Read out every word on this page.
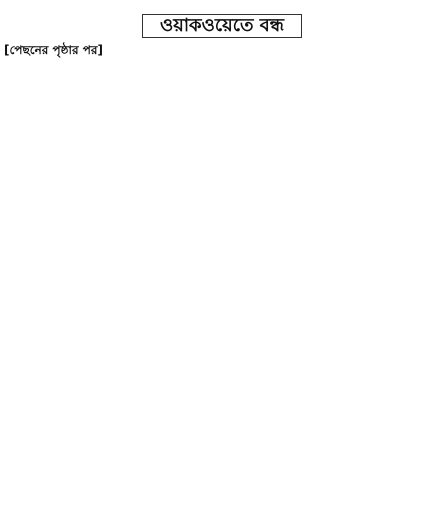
ওয়াকওয়েতে বন্ধ
[পেছনের পৃষ্ঠার পর]
